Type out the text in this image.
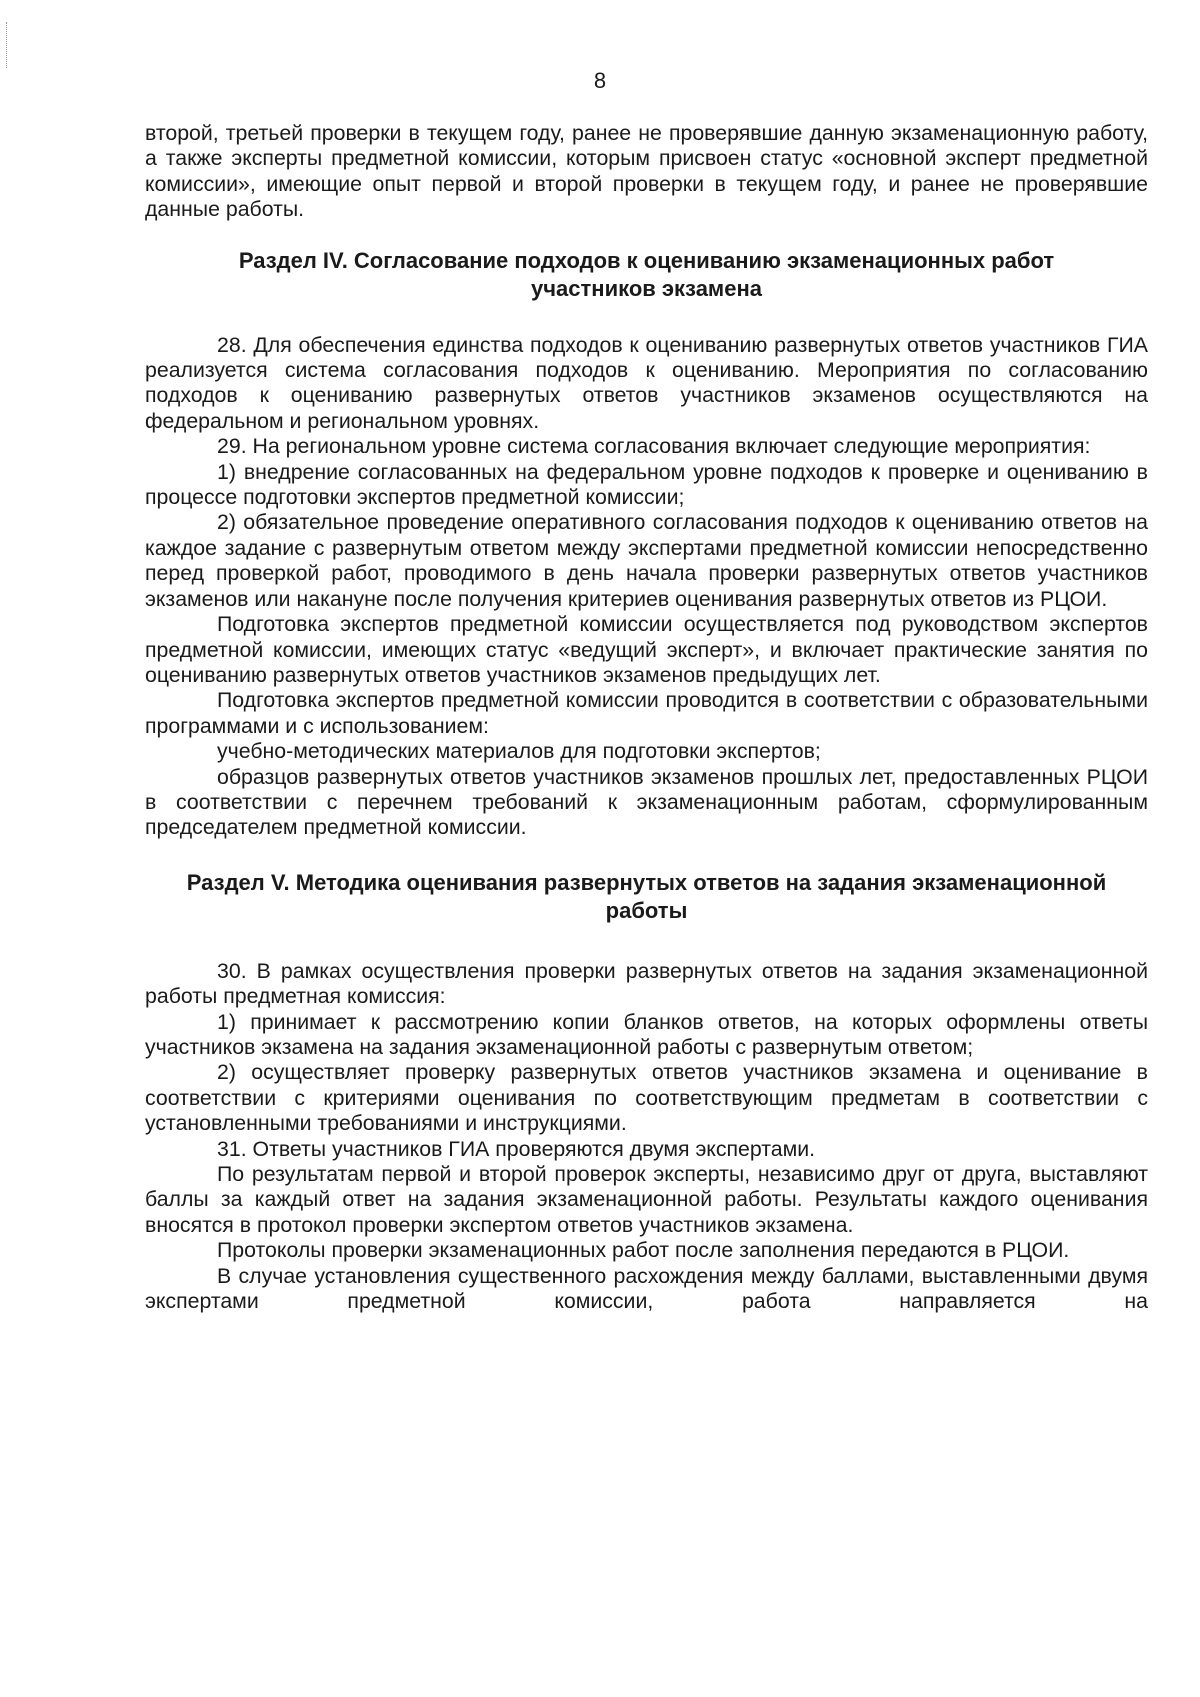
8

второй, третьей проверки в текущем году, ранее не проверявшие данную экзаменационную работу, а также эксперты предметной комиссии, которым присвоен статус «основной эксперт предметной комиссии», имеющие опыт первой и второй проверки в текущем году, и ранее не проверявшие данные работы.

Раздел IV. Согласование подходов к оцениванию экзаменационных работ участников экзамена

28. Для обеспечения единства подходов к оцениванию развернутых ответов участников ГИА реализуется система согласования подходов к оцениванию. Мероприятия по согласованию подходов к оцениванию развернутых ответов участников экзаменов осуществляются на федеральном и региональном уровнях.

29. На региональном уровне система согласования включает следующие мероприятия:

1) внедрение согласованных на федеральном уровне подходов к проверке и оцениванию в процессе подготовки экспертов предметной комиссии;

2) обязательное проведение оперативного согласования подходов к оцениванию ответов на каждое задание с развернутым ответом между экспертами предметной комиссии непосредственно перед проверкой работ, проводимого в день начала проверки развернутых ответов участников экзаменов или накануне после получения критериев оценивания развернутых ответов из РЦОИ.

Подготовка экспертов предметной комиссии осуществляется под руководством экспертов предметной комиссии, имеющих статус «ведущий эксперт», и включает практические занятия по оцениванию развернутых ответов участников экзаменов предыдущих лет.

Подготовка экспертов предметной комиссии проводится в соответствии с образовательными программами и с использованием:

учебно-методических материалов для подготовки экспертов;

образцов развернутых ответов участников экзаменов прошлых лет, предоставленных РЦОИ в соответствии с перечнем требований к экзаменационным работам, сформулированным председателем предметной комиссии.

Раздел V. Методика оценивания развернутых ответов на задания экзаменационной работы

30. В рамках осуществления проверки развернутых ответов на задания экзаменационной работы предметная комиссия:

1) принимает к рассмотрению копии бланков ответов, на которых оформлены ответы участников экзамена на задания экзаменационной работы с развернутым ответом;

2) осуществляет проверку развернутых ответов участников экзамена и оценивание в соответствии с критериями оценивания по соответствующим предметам в соответствии с установленными требованиями и инструкциями.

31. Ответы участников ГИА проверяются двумя экспертами.

По результатам первой и второй проверок эксперты, независимо друг от друга, выставляют баллы за каждый ответ на задания экзаменационной работы. Результаты каждого оценивания вносятся в протокол проверки экспертом ответов участников экзамена.

Протоколы проверки экзаменационных работ после заполнения передаются в РЦОИ.

В случае установления существенного расхождения между баллами, выставленными двумя экспертами предметной комиссии, работа направляется на
